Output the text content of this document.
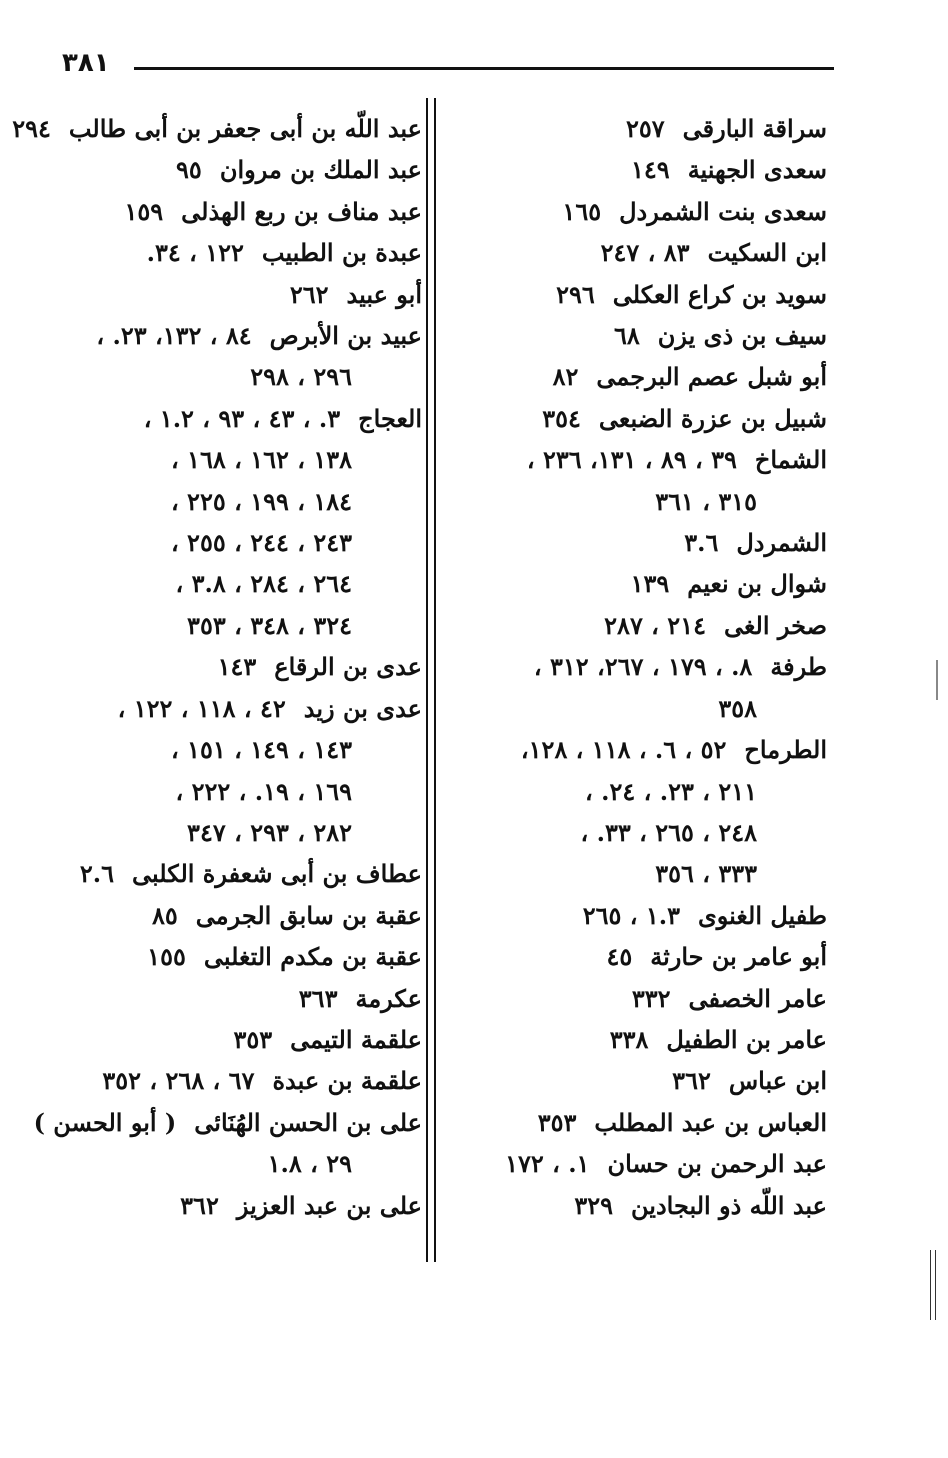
٣٨١
سراقة البارقى٢٥٧
سعدى الجهنية١٤٩
سعدى بنت الشمردل١٦٥
ابن السكيت٨٣ ، ٢٤٧
سويد بن كراع العكلى٢٩٦
سيف بن ذى يزن٦٨
أبو شبل عصم البرجمى٨٢
شبيل بن عزرة الضبعى٣٥٤
الشماخ٣٩ ، ٨٩ ، ١٣١، ٢٣٦ ،
٣١٥ ، ٣٦١
الشمردل٣.٦
شوال بن نعيم١٣٩
صخر الغى٢١٤ ، ٢٨٧
طرفة٨. ، ١٧٩ ، ٢٦٧، ٣١٢ ،
٣٥٨
الطرماح٥٢ ، ٦. ، ١١٨ ، ١٢٨،
٢١١ ، ٢٣. ، ٢٤. ،
٢٤٨ ، ٢٦٥ ، ٣٣. ،
٣٣٣ ، ٣٥٦
طفيل الغنوى١.٣ ، ٢٦٥
أبو عامر بن حارثة٤٥
عامر الخصفى٣٣٢
عامر بن الطفيل٣٣٨
ابن عباس٣٦٢
العباس بن عبد المطلب٣٥٣
عبد الرحمن بن حسان١. ، ١٧٢
عبد اللّه ذو البجادين٣٢٩
عبد اللّه بن أبى جعفر بن أبى طالب٢٩٤
عبد الملك بن مروان٩٥
عبد مناف بن ربع الهذلى١٥٩
عبدة بن الطبيب١٢٢ ، ٣٤.
أبو عبيد٢٦٢
عبيد بن الأبرص٨٤ ، ١٣٢، ٢٣. ،
٢٩٦ ، ٢٩٨
العجاج٣. ، ٤٣ ، ٩٣ ، ١.٢ ،
١٣٨ ، ١٦٢ ، ١٦٨ ،
١٨٤ ، ١٩٩ ، ٢٢٥ ،
٢٤٣ ، ٢٤٤ ، ٢٥٥ ،
٢٦٤ ، ٢٨٤ ، ٣.٨ ،
٣٢٤ ، ٣٤٨ ، ٣٥٣
عدى بن الرقاع١٤٣
عدى بن زيد٤٢ ، ١١٨ ، ١٢٢ ،
١٤٣ ، ١٤٩ ، ١٥١ ،
١٦٩ ، ١٩. ، ٢٢٢ ،
٢٨٢ ، ٢٩٣ ، ٣٤٧
عطاف بن أبى شعفرة الكلبى٢.٦
عقبة بن سابق الجرمى٨٥
عقبة بن مكدم التغلبى١٥٥
عكرمة٣٦٣
علقمة التيمى٣٥٣
علقمة بن عبدة٦٧ ، ٢٦٨ ، ٣٥٢
على بن الحسن الهُنَائى( أبو الحسن )
٢٩ ، ١.٨
على بن عبد العزيز٣٦٢
